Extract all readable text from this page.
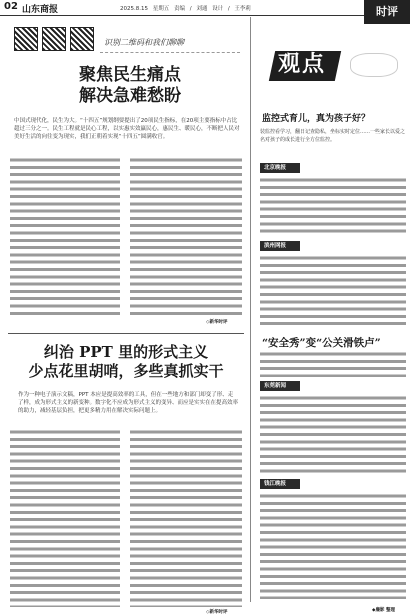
02 山东商报	2025.8.15 星期五 责编 / 刘通 设计 / 王李莉	时评
识别二维码和我们聊聊
聚焦民生痛点
解决急难愁盼
中国式现代化，民生为大。“十四五”规划纲要提出了20项民生指标，在20项主要指标中占比超过三分之一。民生工程就是民心工程，以实惠实效赢民心，惠民生、暖民心，不断把人民对美好生活的向往变为现实，我们正朝着实现“十四五”圆满收官。
◇新华时评
纠治 PPT 里的形式主义
少点花里胡哨，多些真抓实干
作为一种电子演示文稿，PPT 本应是提高效率的工具，但在一些地方和部门却变了形、走了样，成为形式主义的新变种。数字化不应成为形式主义的变异、而应是实实在在提高效率的助力，减轻基层负担，把更多精力用在解决实际问题上。
◇新华时评
观点
监控式育儿，真为孩子好？
装监控看学习，翻日记查隐私，坐标实时定位……一些家长以爱之名对孩子的成长进行全方位监控。
北京晚报
滨州网报
“安全秀”变“公关滑铁卢”
东莞新闻
钱江晚报
◆廉影 整理
